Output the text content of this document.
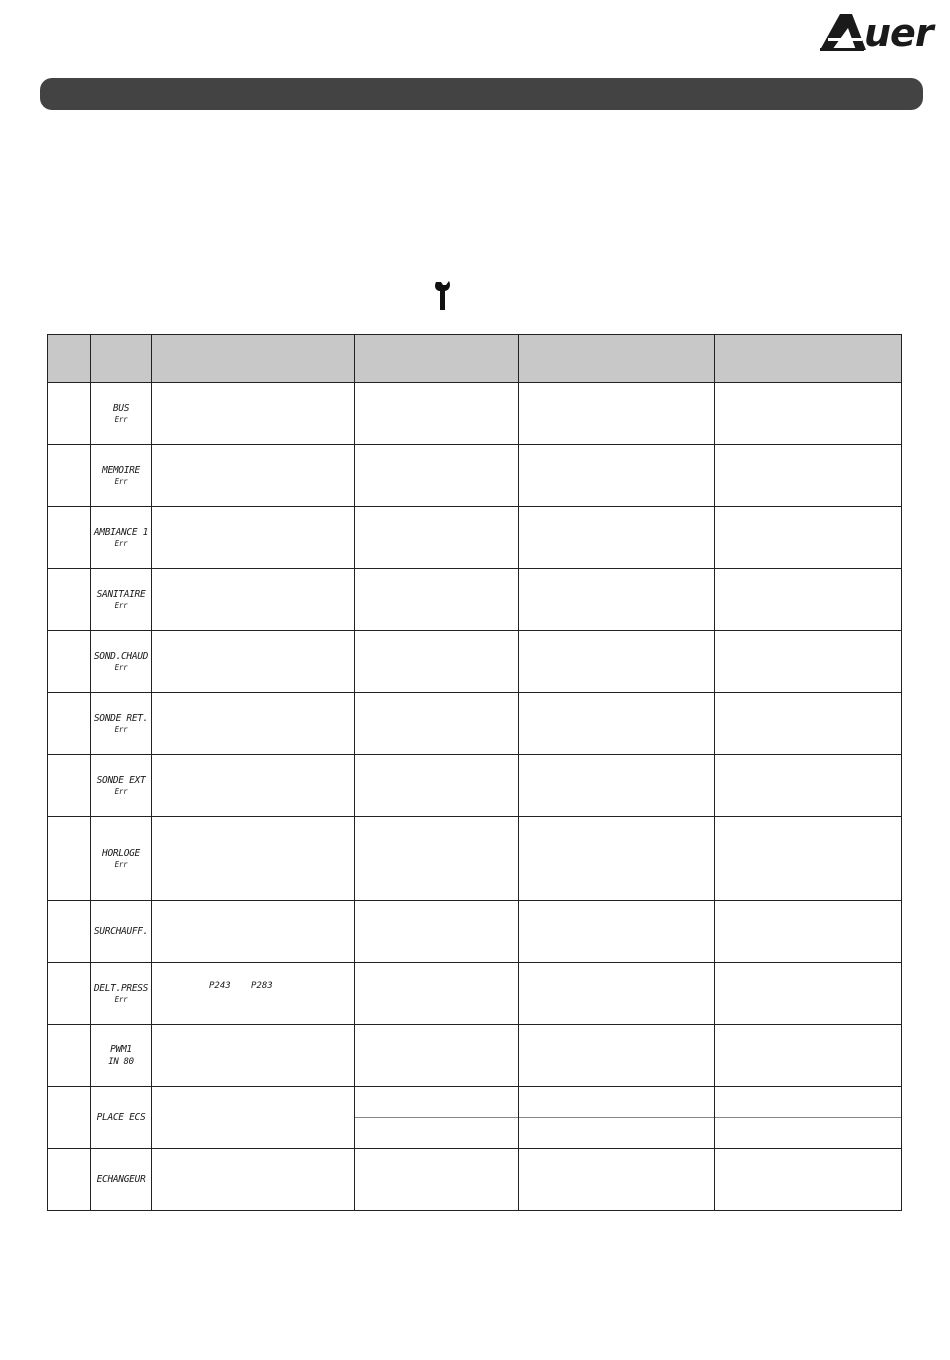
uer

	BUS
Err				

	MEMOIRE
Err				

	AMBIANCE 1
Err				

	SANITAIRE
Err				

	SOND.CHAUD
Err				

	SONDE RET.
Err				

	SONDE EXT
Err				

	HORLOGE
Err				

	SURCHAUFF.				
	DELT.PRESS
Err	P243 P283			

	PWM1
IN 80				

	PLACE ECS		

	ECHANGEUR				
